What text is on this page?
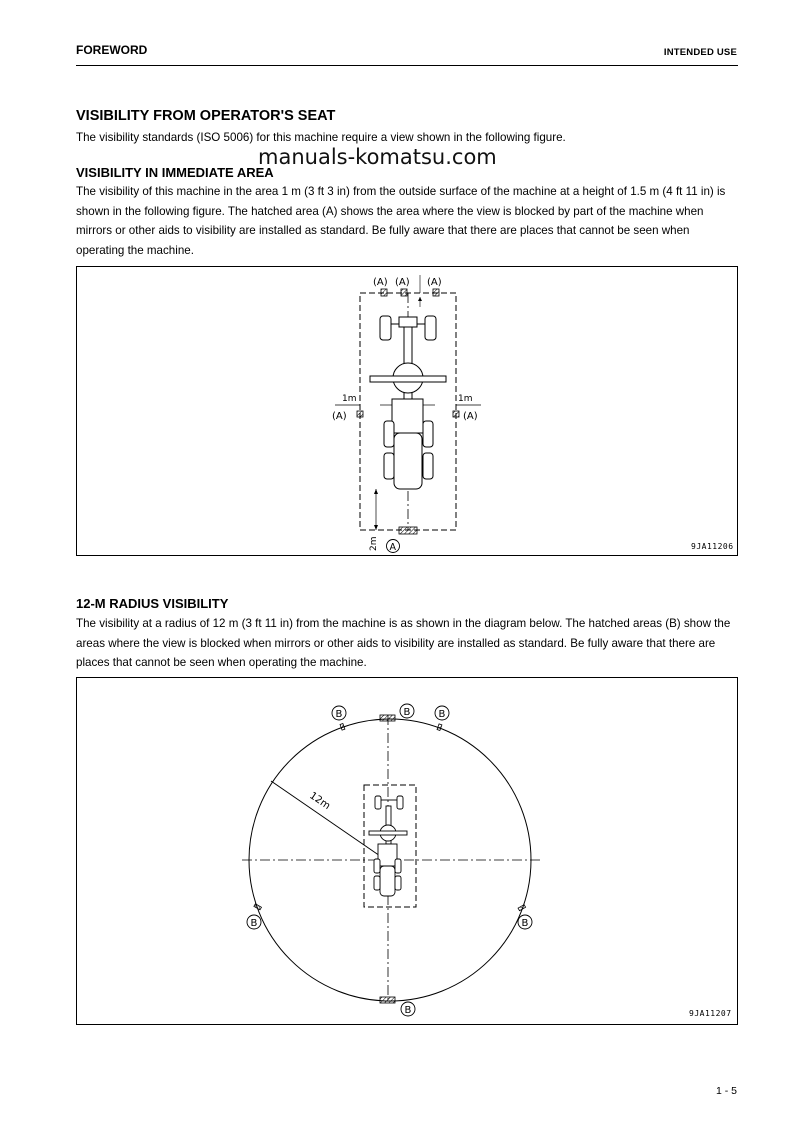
FOREWORD	INTENDED USE
VISIBILITY FROM OPERATOR'S SEAT
The visibility standards (ISO 5006) for this machine require a view shown in the following figure.
manuals-komatsu.com
VISIBILITY IN IMMEDIATE AREA
The visibility of this machine in the area 1 m (3 ft 3 in) from the outside surface of the machine at a height of 1.5 m (4 ft 11 in) is shown in the following figure. The hatched area (A) shows the area where the view is blocked by part of the machine when mirrors or other aids to visibility are installed as standard. Be fully aware that there are places that cannot be seen when operating the machine.
(A) (A) (A)
(A)	(A)
1m	1m
2m A	9JA11206
12-M RADIUS VISIBILITY
The visibility at a radius of 12 m (3 ft 11 in) from the machine is as shown in the diagram below. The hatched areas (B) show the areas where the view is blocked when mirrors or other aids to visibility are installed as standard. Be fully aware that there are places that cannot be seen when operating the machine.
12m
B	B	B
B	B
B	9JA11207
1 - 5
